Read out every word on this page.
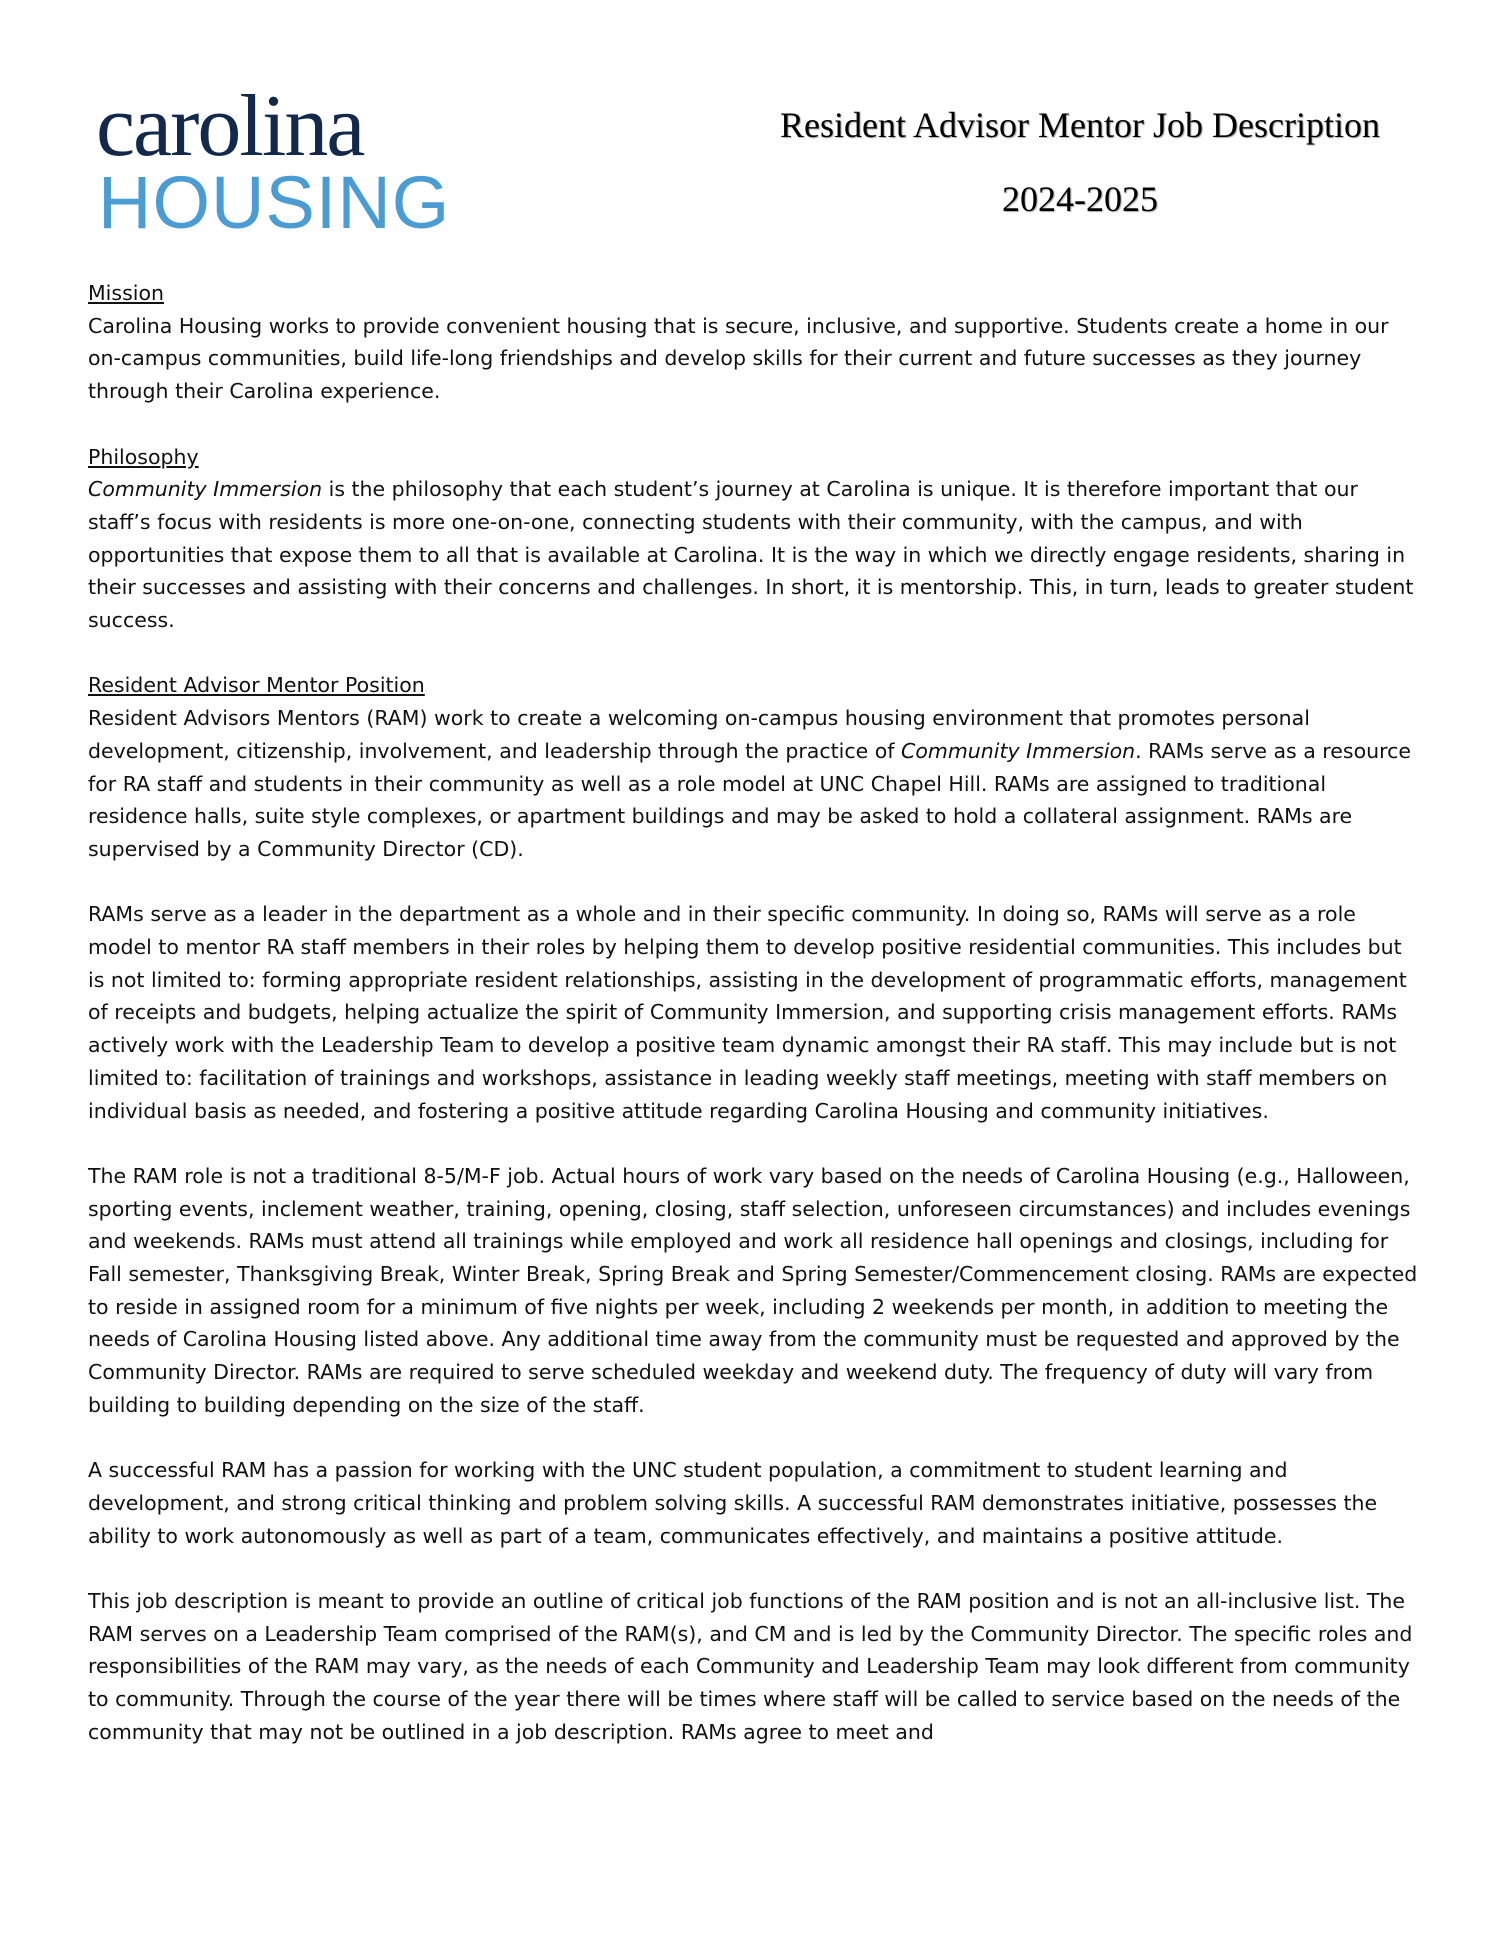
carolina
HOUSING
Resident Advisor Mentor Job Description
2024-2025

Mission
Carolina Housing works to provide convenient housing that is secure, inclusive, and supportive. Students create a home in our on-campus communities, build life-long friendships and develop skills for their current and future successes as they journey through their Carolina experience.

Philosophy
Community Immersion is the philosophy that each student’s journey at Carolina is unique. It is therefore important that our staff’s focus with residents is more one-on-one, connecting students with their community, with the campus, and with opportunities that expose them to all that is available at Carolina. It is the way in which we directly engage residents, sharing in their successes and assisting with their concerns and challenges. In short, it is mentorship. This, in turn, leads to greater student success.

Resident Advisor Mentor Position
Resident Advisors Mentors (RAM) work to create a welcoming on-campus housing environment that promotes personal development, citizenship, involvement, and leadership through the practice of Community Immersion. RAMs serve as a resource for RA staff and students in their community as well as a role model at UNC Chapel Hill. RAMs are assigned to traditional residence halls, suite style complexes, or apartment buildings and may be asked to hold a collateral assignment. RAMs are supervised by a Community Director (CD).

RAMs serve as a leader in the department as a whole and in their specific community. In doing so, RAMs will serve as a role model to mentor RA staff members in their roles by helping them to develop positive residential communities. This includes but is not limited to: forming appropriate resident relationships, assisting in the development of programmatic efforts, management of receipts and budgets, helping actualize the spirit of Community Immersion, and supporting crisis management efforts. RAMs actively work with the Leadership Team to develop a positive team dynamic amongst their RA staff. This may include but is not limited to: facilitation of trainings and workshops, assistance in leading weekly staff meetings, meeting with staff members on individual basis as needed, and fostering a positive attitude regarding Carolina Housing and community initiatives.

The RAM role is not a traditional 8-5/M-F job. Actual hours of work vary based on the needs of Carolina Housing (e.g., Halloween, sporting events, inclement weather, training, opening, closing, staff selection, unforeseen circumstances) and includes evenings and weekends. RAMs must attend all trainings while employed and work all residence hall openings and closings, including for Fall semester, Thanksgiving Break, Winter Break, Spring Break and Spring Semester/Commencement closing. RAMs are expected to reside in assigned room for a minimum of five nights per week, including 2 weekends per month, in addition to meeting the needs of Carolina Housing listed above. Any additional time away from the community must be requested and approved by the Community Director. RAMs are required to serve scheduled weekday and weekend duty. The frequency of duty will vary from building to building depending on the size of the staff.

A successful RAM has a passion for working with the UNC student population, a commitment to student learning and development, and strong critical thinking and problem solving skills. A successful RAM demonstrates initiative, possesses the ability to work autonomously as well as part of a team, communicates effectively, and maintains a positive attitude.

This job description is meant to provide an outline of critical job functions of the RAM position and is not an all-inclusive list. The RAM serves on a Leadership Team comprised of the RAM(s), and CM and is led by the Community Director. The specific roles and responsibilities of the RAM may vary, as the needs of each Community and Leadership Team may look different from community to community. Through the course of the year there will be times where staff will be called to service based on the needs of the community that may not be outlined in a job description. RAMs agree to meet and
